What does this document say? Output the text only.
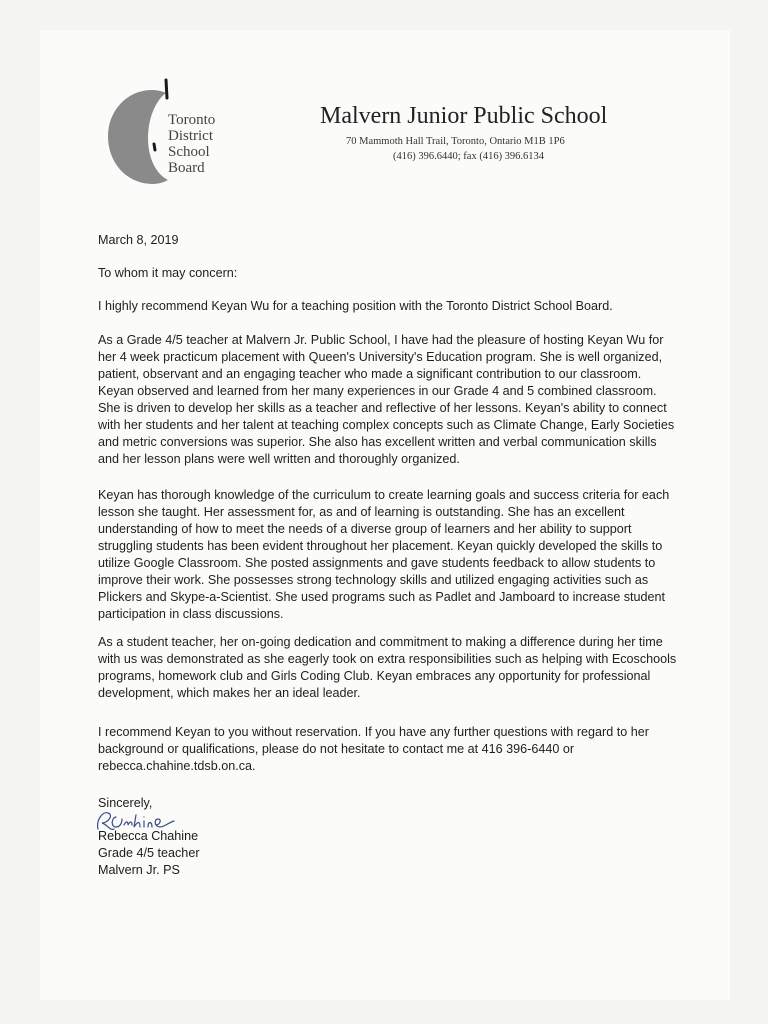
Toronto
District
School
Board
Malvern Junior Public School
70 Mammoth Hall Trail, Toronto, Ontario M1B 1P6
(416) 396.6440; fax (416) 396.6134
March 8, 2019
To whom it may concern:

I highly recommend Keyan Wu for a teaching position with the Toronto District School Board.

As a Grade 4/5 teacher at Malvern Jr. Public School, I have had the pleasure of hosting Keyan Wu for her 4 week practicum placement with Queen's University's Education program. She is well organized, patient, observant and an engaging teacher who made a significant contribution to our classroom. Keyan observed and learned from her many experiences in our Grade 4 and 5 combined classroom. She is driven to develop her skills as a teacher and reflective of her lessons. Keyan's ability to connect with her students and her talent at teaching complex concepts such as Climate Change, Early Societies and metric conversions was superior. She also has excellent written and verbal communication skills and her lesson plans were well written and thoroughly organized.

Keyan has thorough knowledge of the curriculum to create learning goals and success criteria for each lesson she taught. Her assessment for, as and of learning is outstanding. She has an excellent understanding of how to meet the needs of a diverse group of learners and her ability to support struggling students has been evident throughout her placement. Keyan quickly developed the skills to utilize Google Classroom. She posted assignments and gave students feedback to allow students to improve their work. She possesses strong technology skills and utilized engaging activities such as Plickers and Skype-a-Scientist. She used programs such as Padlet and Jamboard to increase student participation in class discussions.

As a student teacher, her on-going dedication and commitment to making a difference during her time with us was demonstrated as she eagerly took on extra responsibilities such as helping with Ecoschools programs, homework club and Girls Coding Club. Keyan embraces any opportunity for professional development, which makes her an ideal leader.

I recommend Keyan to you without reservation. If you have any further questions with regard to her background or qualifications, please do not hesitate to contact me at 416 396-6440 or rebecca.chahine.tdsb.on.ca.

Sincerely,
Rebecca Chahine
Grade 4/5 teacher
Malvern Jr. PS
